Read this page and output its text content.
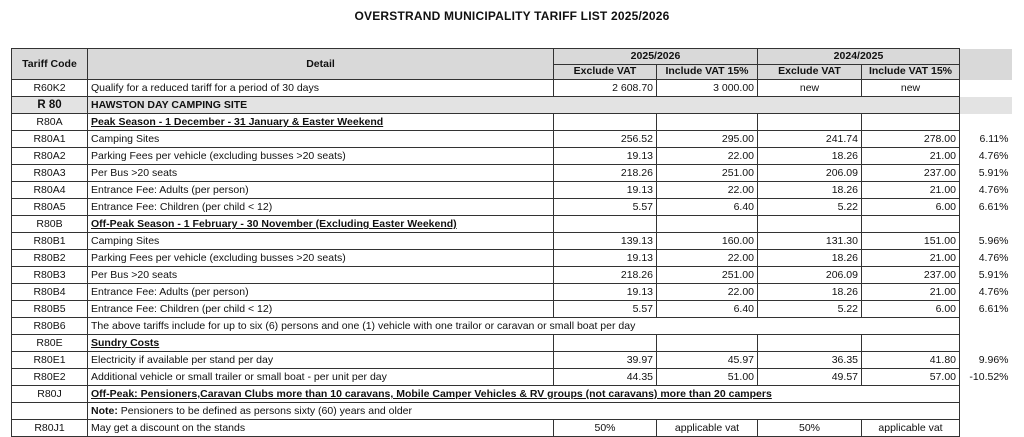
OVERSTRAND MUNICIPALITY TARIFF LIST 2025/2026
Tariff Code	Detail	2025/2026		2024/2025		
		Exclude VAT	Include VAT 15%	Exclude VAT	Include VAT 15%	
R60K2	Qualify for a reduced tariff for a period of 30 days	2 608.70	3 000.00	new	new	
R 80	HAWSTON DAY CAMPING SITE					
R80A	Peak Season - 1 December - 31 January & Easter Weekend					
R80A1	Camping Sites	256.52	295.00	241.74	278.00	6.11%
R80A2	Parking Fees per vehicle (excluding busses >20 seats)	19.13	22.00	18.26	21.00	4.76%
R80A3	Per Bus >20 seats	218.26	251.00	206.09	237.00	5.91%
R80A4	Entrance Fee: Adults (per person)	19.13	22.00	18.26	21.00	4.76%
R80A5	Entrance Fee: Children (per child < 12)	5.57	6.40	5.22	6.00	6.61%
R80B	Off-Peak Season - 1 February - 30 November (Excluding Easter Weekend)					
R80B1	Camping Sites	139.13	160.00	131.30	151.00	5.96%
R80B2	Parking Fees per vehicle (excluding busses >20 seats)	19.13	22.00	18.26	21.00	4.76%
R80B3	Per Bus >20 seats	218.26	251.00	206.09	237.00	5.91%
R80B4	Entrance Fee: Adults (per person)	19.13	22.00	18.26	21.00	4.76%
R80B5	Entrance Fee: Children (per child < 12)	5.57	6.40	5.22	6.00	6.61%
R80B6	The above tariffs include for up to six (6) persons and one (1) vehicle with one trailor or caravan or small boat per day					
R80E	Sundry Costs					
R80E1	Electricity if available per stand per day	39.97	45.97	36.35	41.80	9.96%
R80E2	Additional vehicle or small trailer or small boat - per unit per day	44.35	51.00	49.57	57.00	-10.52%
R80J	Off-Peak: Pensioners,Caravan Clubs more than 10 caravans, Mobile Camper Vehicles & RV groups (not caravans) more than 20 campers					
	Note: Pensioners to be defined as persons sixty (60) years and older					
R80J1	May get a discount on the stands	50%	applicable vat	50%	applicable vat	
